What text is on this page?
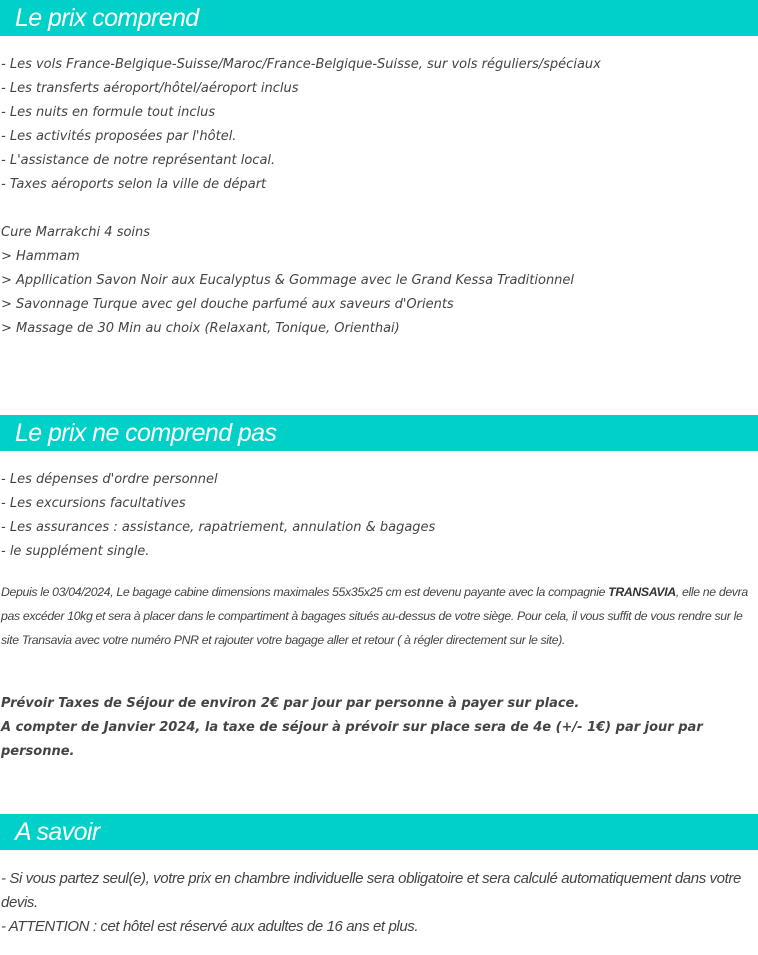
Le prix comprend
- Les vols France-Belgique-Suisse/Maroc/France-Belgique-Suisse, sur vols réguliers/spéciaux
- Les transferts aéroport/hôtel/aéroport inclus
- Les nuits en formule tout inclus
- Les activités proposées par l'hôtel.
- L'assistance de notre représentant local.
- Taxes aéroports selon la ville de départ
Cure Marrakchi 4 soins
> Hammam
> Appllication Savon Noir aux Eucalyptus & Gommage avec le Grand Kessa Traditionnel
> Savonnage Turque avec gel douche parfumé aux saveurs d'Orients
> Massage de 30 Min au choix (Relaxant, Tonique, Orienthai)
Le prix ne comprend pas
- Les dépenses d'ordre personnel
- Les excursions facultatives
- Les assurances : assistance, rapatriement, annulation & bagages
- le supplément single.
Depuis le 03/04/2024, Le bagage cabine dimensions maximales 55x35x25 cm est devenu payante avec la compagnie TRANSAVIA, elle ne devra pas excéder 10kg et sera à placer dans le compartiment à bagages situés au-dessus de votre siège. Pour cela, il vous suffit de vous rendre sur le site Transavia avec votre numéro PNR et rajouter votre bagage aller et retour ( à régler directement sur le site).
Prévoir Taxes de Séjour de environ 2€ par jour par personne à payer sur place.
A compter de Janvier 2024, la taxe de séjour à prévoir sur place sera de 4e (+/- 1€) par jour par personne.
A savoir
- Si vous partez seul(e), votre prix en chambre individuelle sera obligatoire et sera calculé automatiquement dans votre devis.
- ATTENTION : cet hôtel est réservé aux adultes de 16 ans et plus.
